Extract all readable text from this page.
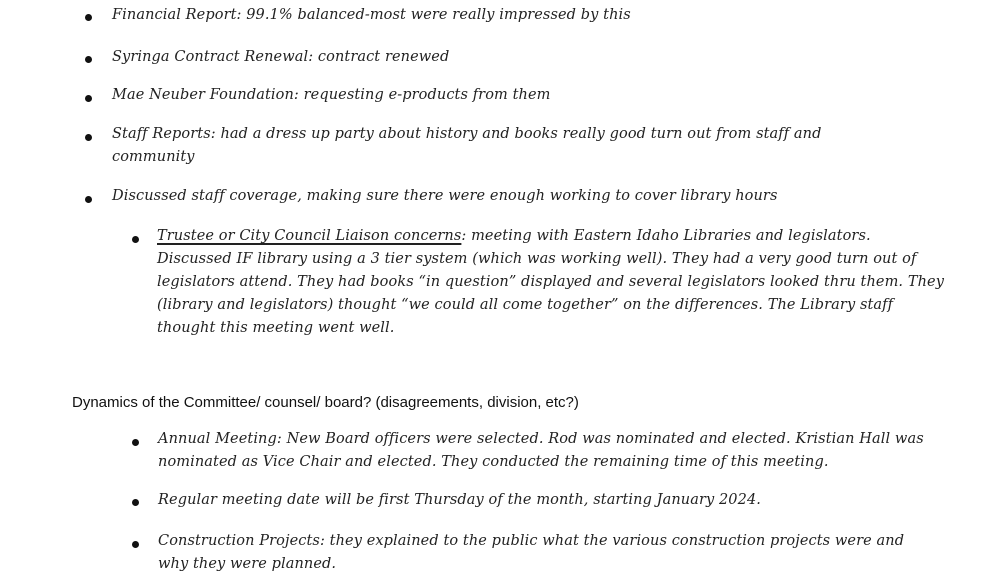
Financial Report: 99.1% balanced-most were really impressed by this
Syringa Contract Renewal: contract renewed
Mae Neuber Foundation: requesting e-products from them
Staff Reports: had a dress up party about history and books really good turn out from staff and community
Discussed staff coverage, making sure there were enough working to cover library hours
Trustee or City Council Liaison concerns: meeting with Eastern Idaho Libraries and legislators. Discussed IF library using a 3 tier system (which was working well). They had a very good turn out of legislators attend. They had books “in question” displayed and several legislators looked thru them. They (library and legislators) thought “we could all come together” on the differences. The Library staff thought this meeting went well.
Dynamics of the Committee/ counsel/ board? (disagreements, division, etc?)
Annual Meeting: New Board officers were selected. Rod was nominated and elected. Kristian Hall was nominated as Vice Chair and elected. They conducted the remaining time of this meeting.
Regular meeting date will be first Thursday of the month, starting January 2024.
Construction Projects: they explained to the public what the various construction projects were and why they were planned.
